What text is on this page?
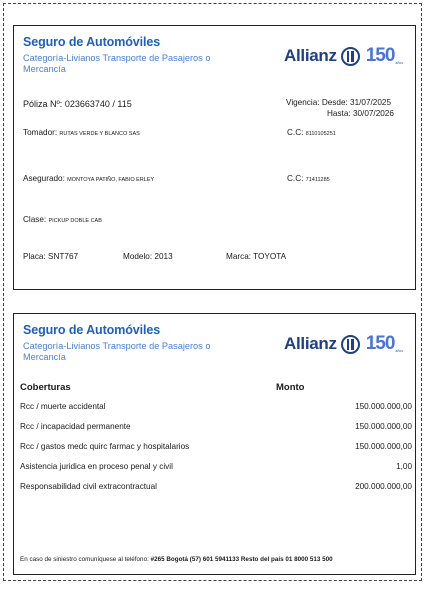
Seguro de Automóviles
Categoría-Livianos Transporte de Pasajeros o Mercancía
Allianz 150 años
Póliza Nº: 023663740 / 115	Vigencia: Desde: 31/07/2025
Hasta: 30/07/2026
Tomador: RUTAS VERDE Y BLANCO SAS	C.C: 8110105251
Asegurado: MONTOYA PATIÑO, FABIO ERLEY	C.C: 71411285
Clase: PICKUP DOBLE CAB
Placa: SNT767	Modelo: 2013	Marca: TOYOTA
Seguro de Automóviles
Categoría-Livianos Transporte de Pasajeros o Mercancía
Allianz 150 años
Coberturas	Monto
Rcc / muerte accidental	150.000.000,00
Rcc / incapacidad permanente	150.000.000,00
Rcc / gastos medc quirc farmac y hospitalarios	150.000.000,00
Asistencia juridica en proceso penal y civil	1,00
Responsabilidad civil extracontractual	200.000.000,00
En caso de siniestro comuníquese al teléfono: #265 Bogotá (57) 601 5941133 Resto del país 01 8000 513 500
